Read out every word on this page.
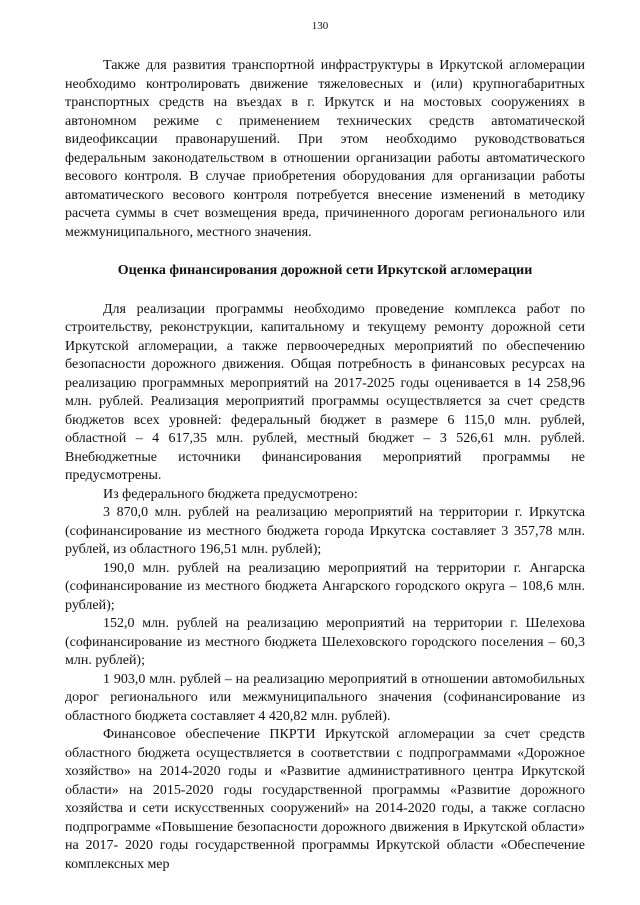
130

Также для развития транспортной инфраструктуры в Иркутской агломерации необходимо контролировать движение тяжеловесных и (или) крупногабаритных транспортных средств на въездах в г. Иркутск и на мостовых сооружениях в автономном режиме с применением технических средств автоматической видеофиксации правонарушений. При этом необходимо руководствоваться федеральным законодательством в отношении организации работы автоматического весового контроля. В случае приобретения оборудования для организации работы автоматического весового контроля потребуется внесение изменений в методику расчета суммы в счет возмещения вреда, причиненного дорогам регионального или межмуниципального, местного значения.

Оценка финансирования дорожной сети Иркутской агломерации

Для реализации программы необходимо проведение комплекса работ по строительству, реконструкции, капитальному и текущему ремонту дорожной сети Иркутской агломерации, а также первоочередных мероприятий по обеспечению безопасности дорожного движения. Общая потребность в финансовых ресурсах на реализацию программных мероприятий на 2017-2025 годы оценивается в 14 258,96 млн. рублей. Реализация мероприятий программы осуществляется за счет средств бюджетов всех уровней: федеральный бюджет в размере 6 115,0 млн. рублей, областной – 4 617,35 млн. рублей, местный бюджет – 3 526,61 млн. рублей. Внебюджетные источники финансирования мероприятий программы не предусмотрены.

Из федерального бюджета предусмотрено:

3 870,0 млн. рублей на реализацию мероприятий на территории г. Иркутска (софинансирование из местного бюджета города Иркутска составляет 3 357,78 млн. рублей, из областного 196,51 млн. рублей);

190,0 млн. рублей на реализацию мероприятий на территории г. Ангарска (софинансирование из местного бюджета Ангарского городского округа – 108,6 млн. рублей);

152,0 млн. рублей на реализацию мероприятий на территории г. Шелехова (софинансирование из местного бюджета Шелеховского городского поселения – 60,3 млн. рублей);

1 903,0 млн. рублей – на реализацию мероприятий в отношении автомобильных дорог регионального или межмуниципального значения (софинансирование из областного бюджета составляет 4 420,82 млн. рублей).

Финансовое обеспечение ПКРТИ Иркутской агломерации за счет средств областного бюджета осуществляется в соответствии с подпрограммами «Дорожное хозяйство» на 2014-2020 годы и «Развитие административного центра Иркутской области» на 2015-2020 годы государственной программы «Развитие дорожного хозяйства и сети искусственных сооружений» на 2014-2020 годы, а также согласно подпрограмме «Повышение безопасности дорожного движения в Иркутской области» на 2017- 2020 годы государственной программы Иркутской области «Обеспечение комплексных мер
